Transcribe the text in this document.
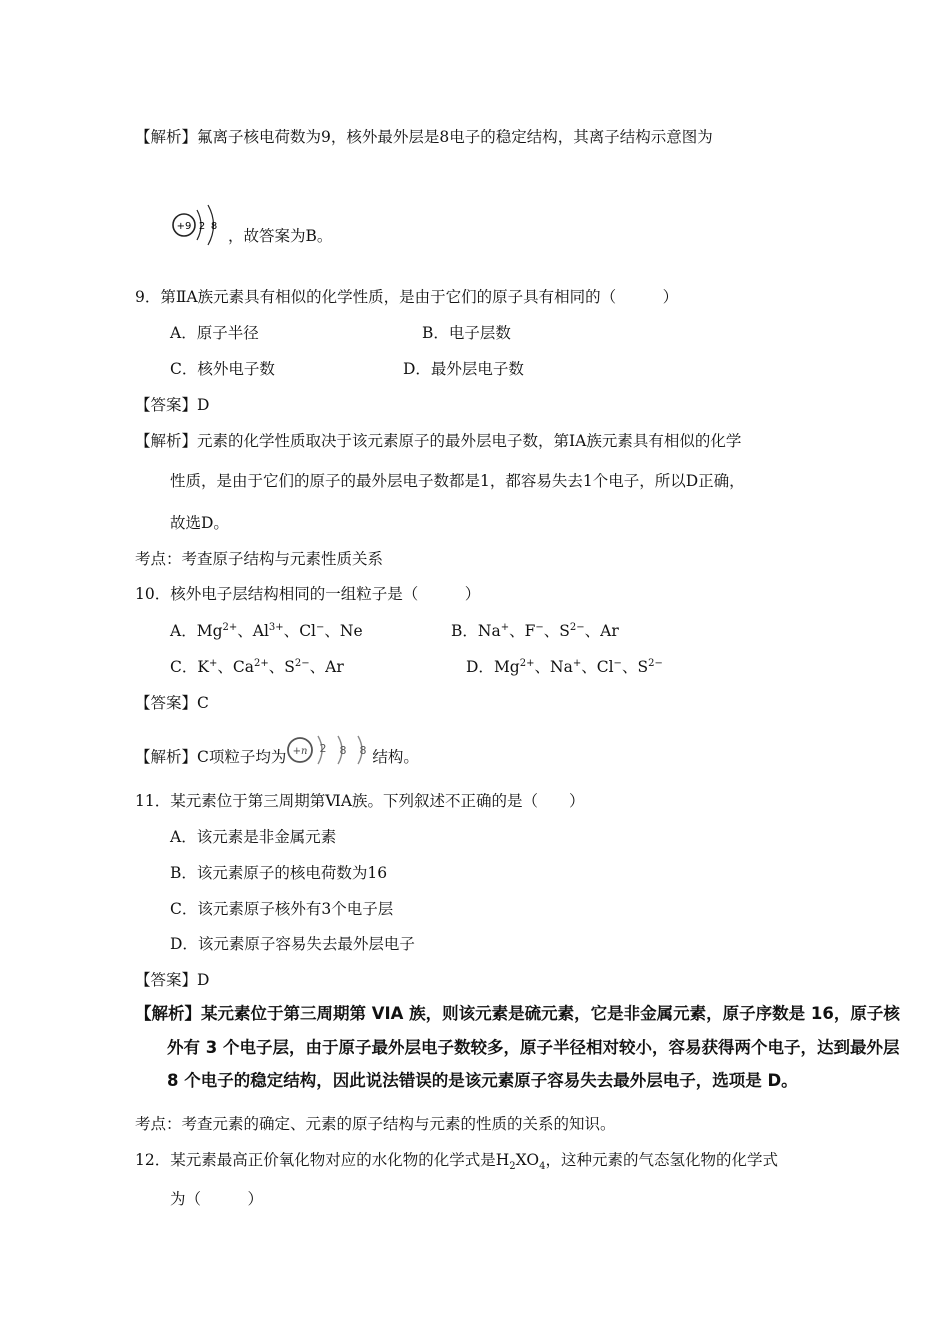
【解析】氟离子核电荷数为9，核外最外层是8电子的稳定结构，其离子结构示意图为
+9 2 8
，故答案为B。
9．第ⅡA族元素具有相似的化学性质，是由于它们的原子具有相同的（　　　）
A．原子半径	B．电子层数
C．核外电子数	D．最外层电子数
【答案】D
【解析】元素的化学性质取决于该元素原子的最外层电子数，第ⅠA族元素具有相似的化学
性质，是由于它们的原子的最外层电子数都是1，都容易失去1个电子，所以D正确，
故选D。
考点：考查原子结构与元素性质关系
10．核外电子层结构相同的一组粒子是（　　　）
A．$Mg^{2+}$、$Al^{3+}$、Cl−、Ne	B．Na+、F−、$S^{2-}$、Ar
C．K+、$Ca^{2+}$、$S^{2-}$、Ar	D．$Mg^{2+}$、Na+、Cl−、$S^{2-}$
【答案】C
【解析】C项粒子均为 +n 2 8 8 结构。
11．某元素位于第三周期第ⅥA族。下列叙述不正确的是（　　）
A．该元素是非金属元素
B．该元素原子的核电荷数为16
C．该元素原子核外有3个电子层
D．该元素原子容易失去最外层电子
【答案】D
【解析】某元素位于第三周期第 VIA 族，则该元素是硫元素，它是非金属元素，原子序数是 16，原子核
外有 3 个电子层，由于原子最外层电子数较多，原子半径相对较小，容易获得两个电子，达到最外层
8 个电子的稳定结构，因此说法错误的是该元素原子容易失去最外层电子，选项是 D。
考点：考查元素的确定、元素的原子结构与元素的性质的关系的知识。
12．某元素最高正价氧化物对应的水化物的化学式是$H_2XO_4$，这种元素的气态氢化物的化学式
为（　　　）
